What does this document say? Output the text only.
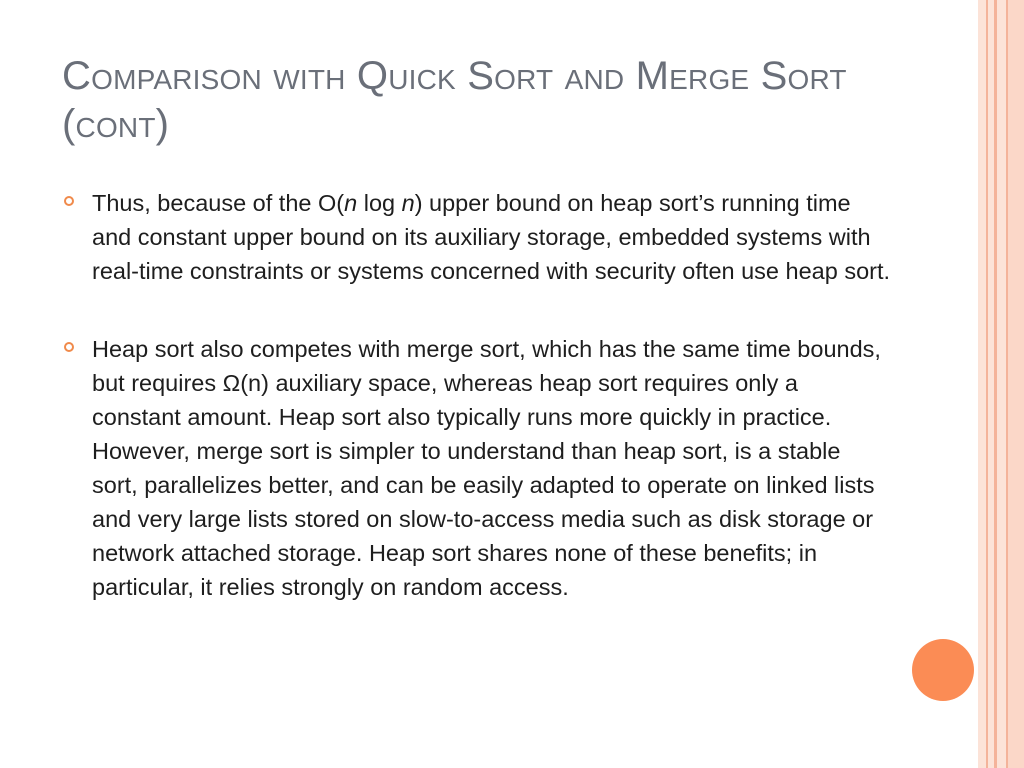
Comparison with Quick Sort and Merge Sort (cont)
Thus, because of the O(n log n) upper bound on heap sort’s running time and constant upper bound on its auxiliary storage, embedded systems with real-time constraints or systems concerned with security often use heap sort.
Heap sort also competes with merge sort, which has the same time bounds, but requires Ω(n) auxiliary space, whereas heap sort requires only a constant amount. Heap sort also typically runs more quickly in practice. However, merge sort is simpler to understand than heap sort, is a stable sort, parallelizes better, and can be easily adapted to operate on linked lists and very large lists stored on slow-to-access media such as disk storage or network attached storage. Heap sort shares none of these benefits; in particular, it relies strongly on random access.
